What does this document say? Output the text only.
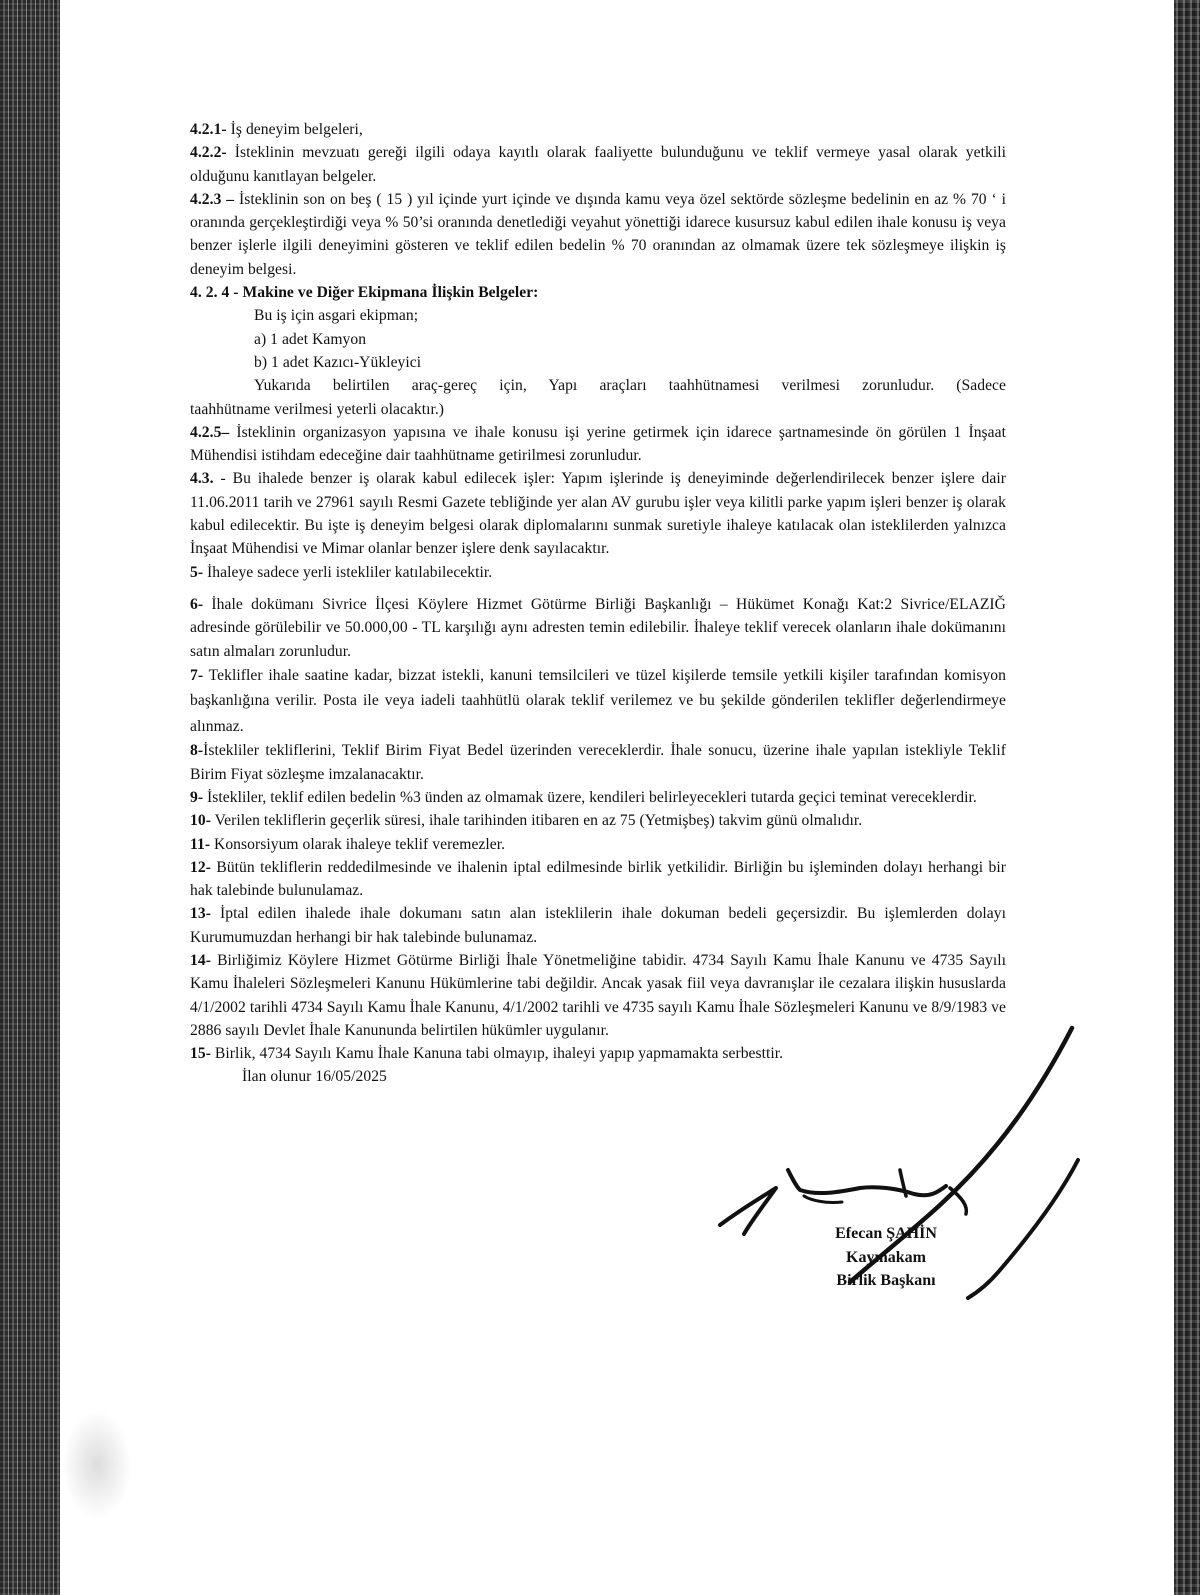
4.2.1- İş deneyim belgeleri,

4.2.2- İsteklinin mevzuatı gereği ilgili odaya kayıtlı olarak faaliyette bulunduğunu ve teklif vermeye yasal olarak yetkili olduğunu kanıtlayan belgeler.

4.2.3 – İsteklinin son on beş ( 15 ) yıl içinde yurt içinde ve dışında kamu veya özel sektörde sözleşme bedelinin en az % 70 ‘ i oranında gerçekleştirdiği veya % 50’si oranında denetlediği veyahut yönettiği idarece kusursuz kabul edilen ihale konusu iş veya benzer işlerle ilgili deneyimini gösteren ve teklif edilen bedelin % 70 oranından az olmamak üzere tek sözleşmeye ilişkin iş deneyim belgesi.

4. 2. 4 - Makine ve Diğer Ekipmana İlişkin Belgeler:

Bu iş için asgari ekipman;

a) 1 adet Kamyon

b) 1 adet Kazıcı-Yükleyici

Yukarıda belirtilen araç-gereç için, Yapı araçları taahhütnamesi verilmesi zorunludur. (Sadece

taahhütname verilmesi yeterli olacaktır.)

4.2.5– İsteklinin organizasyon yapısına ve ihale konusu işi yerine getirmek için idarece şartnamesinde ön görülen 1 İnşaat Mühendisi istihdam edeceğine dair taahhütname getirilmesi zorunludur.

4.3. - Bu ihalede benzer iş olarak kabul edilecek işler: Yapım işlerinde iş deneyiminde değerlendirilecek benzer işlere dair 11.06.2011 tarih ve 27961 sayılı Resmi Gazete tebliğinde yer alan AV gurubu işler veya kilitli parke yapım işleri benzer iş olarak kabul edilecektir. Bu işte iş deneyim belgesi olarak diplomalarını sunmak suretiyle ihaleye katılacak olan isteklilerden yalnızca İnşaat Mühendisi ve Mimar olanlar benzer işlere denk sayılacaktır.

5- İhaleye sadece yerli istekliler katılabilecektir.

6- İhale dokümanı Sivrice İlçesi Köylere Hizmet Götürme Birliği Başkanlığı – Hükümet Konağı Kat:2 Sivrice/ELAZIĞ adresinde görülebilir ve 50.000,00 - TL karşılığı aynı adresten temin edilebilir. İhaleye teklif verecek olanların ihale dokümanını satın almaları zorunludur.

7- Teklifler ihale saatine kadar, bizzat istekli, kanuni temsilcileri ve tüzel kişilerde temsile yetkili kişiler tarafından komisyon başkanlığına verilir. Posta ile veya iadeli taahhütlü olarak teklif verilemez ve bu şekilde gönderilen teklifler değerlendirmeye alınmaz.

8-İstekliler tekliflerini, Teklif Birim Fiyat Bedel üzerinden vereceklerdir. İhale sonucu, üzerine ihale yapılan istekliyle Teklif Birim Fiyat sözleşme imzalanacaktır.

9- İstekliler, teklif edilen bedelin %3 ünden az olmamak üzere, kendileri belirleyecekleri tutarda geçici teminat vereceklerdir.

10- Verilen tekliflerin geçerlik süresi, ihale tarihinden itibaren en az 75 (Yetmişbeş) takvim günü olmalıdır.

11- Konsorsiyum olarak ihaleye teklif veremezler.

12- Bütün tekliflerin reddedilmesinde ve ihalenin iptal edilmesinde birlik yetkilidir. Birliğin bu işleminden dolayı herhangi bir hak talebinde bulunulamaz.

13- İptal edilen ihalede ihale dokumanı satın alan isteklilerin ihale dokuman bedeli geçersizdir. Bu işlemlerden dolayı Kurumumuzdan herhangi bir hak talebinde bulunamaz.

14- Birliğimiz Köylere Hizmet Götürme Birliği İhale Yönetmeliğine tabidir. 4734 Sayılı Kamu İhale Kanunu ve 4735 Sayılı Kamu İhaleleri Sözleşmeleri Kanunu Hükümlerine tabi değildir. Ancak yasak fiil veya davranışlar ile cezalara ilişkin hususlarda 4/1/2002 tarihli 4734 Sayılı Kamu İhale Kanunu, 4/1/2002 tarihli ve 4735 sayılı Kamu İhale Sözleşmeleri Kanunu ve 8/9/1983 ve 2886 sayılı Devlet İhale Kanununda belirtilen hükümler uygulanır.

15- Birlik, 4734 Sayılı Kamu İhale Kanuna tabi olmayıp, ihaleyi yapıp yapmamakta serbesttir.

İlan olunur 16/05/2025

Efecan ŞAHİN
Kaymakam
Birlik Başkanı
